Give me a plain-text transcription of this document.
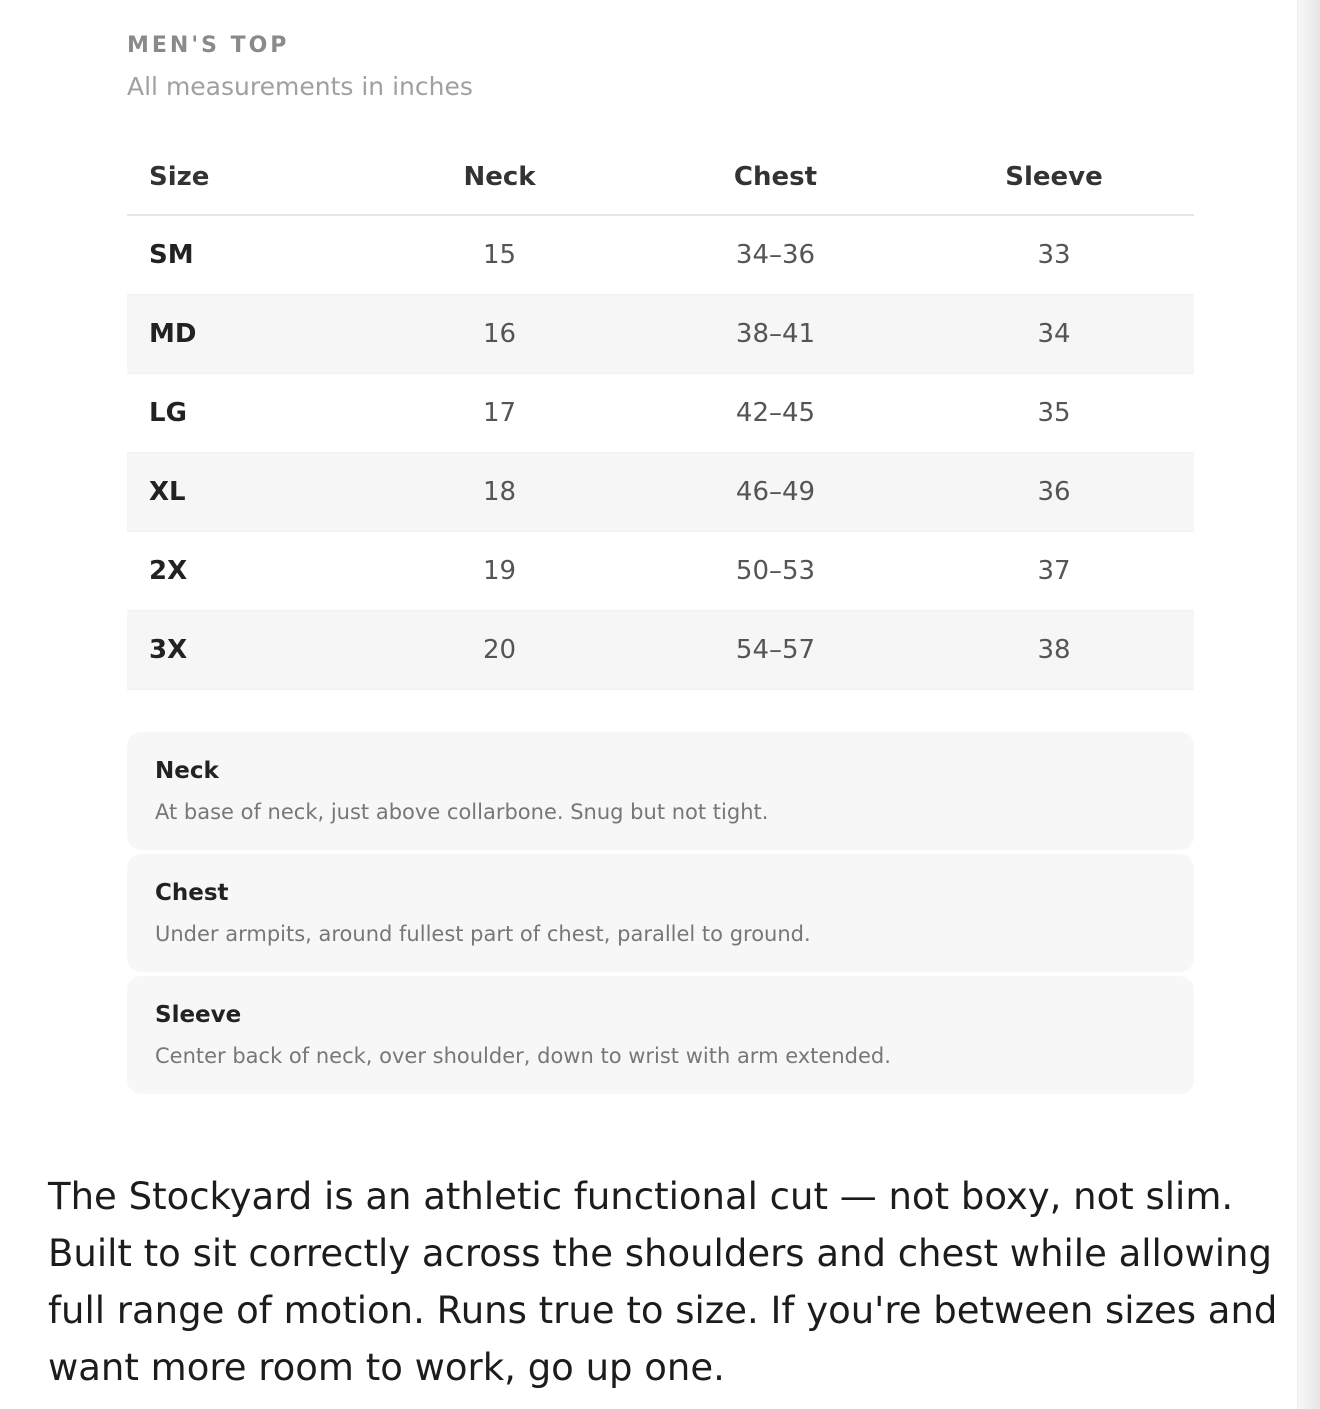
MEN'S TOP
All measurements in inches
Size	Neck	Chest	Sleeve
SM	15	34–36	33
MD	16	38–41	34
LG	17	42–45	35
XL	18	46–49	36
2X	19	50–53	37
3X	20	54–57	38
Neck
At base of neck, just above collarbone. Snug but not tight.
Chest
Under armpits, around fullest part of chest, parallel to ground.
Sleeve
Center back of neck, over shoulder, down to wrist with arm extended.

The Stockyard is an athletic functional cut — not boxy, not slim. Built to sit correctly across the shoulders and chest while allowing full range of motion. Runs true to size. If you're between sizes and want more room to work, go up one.
